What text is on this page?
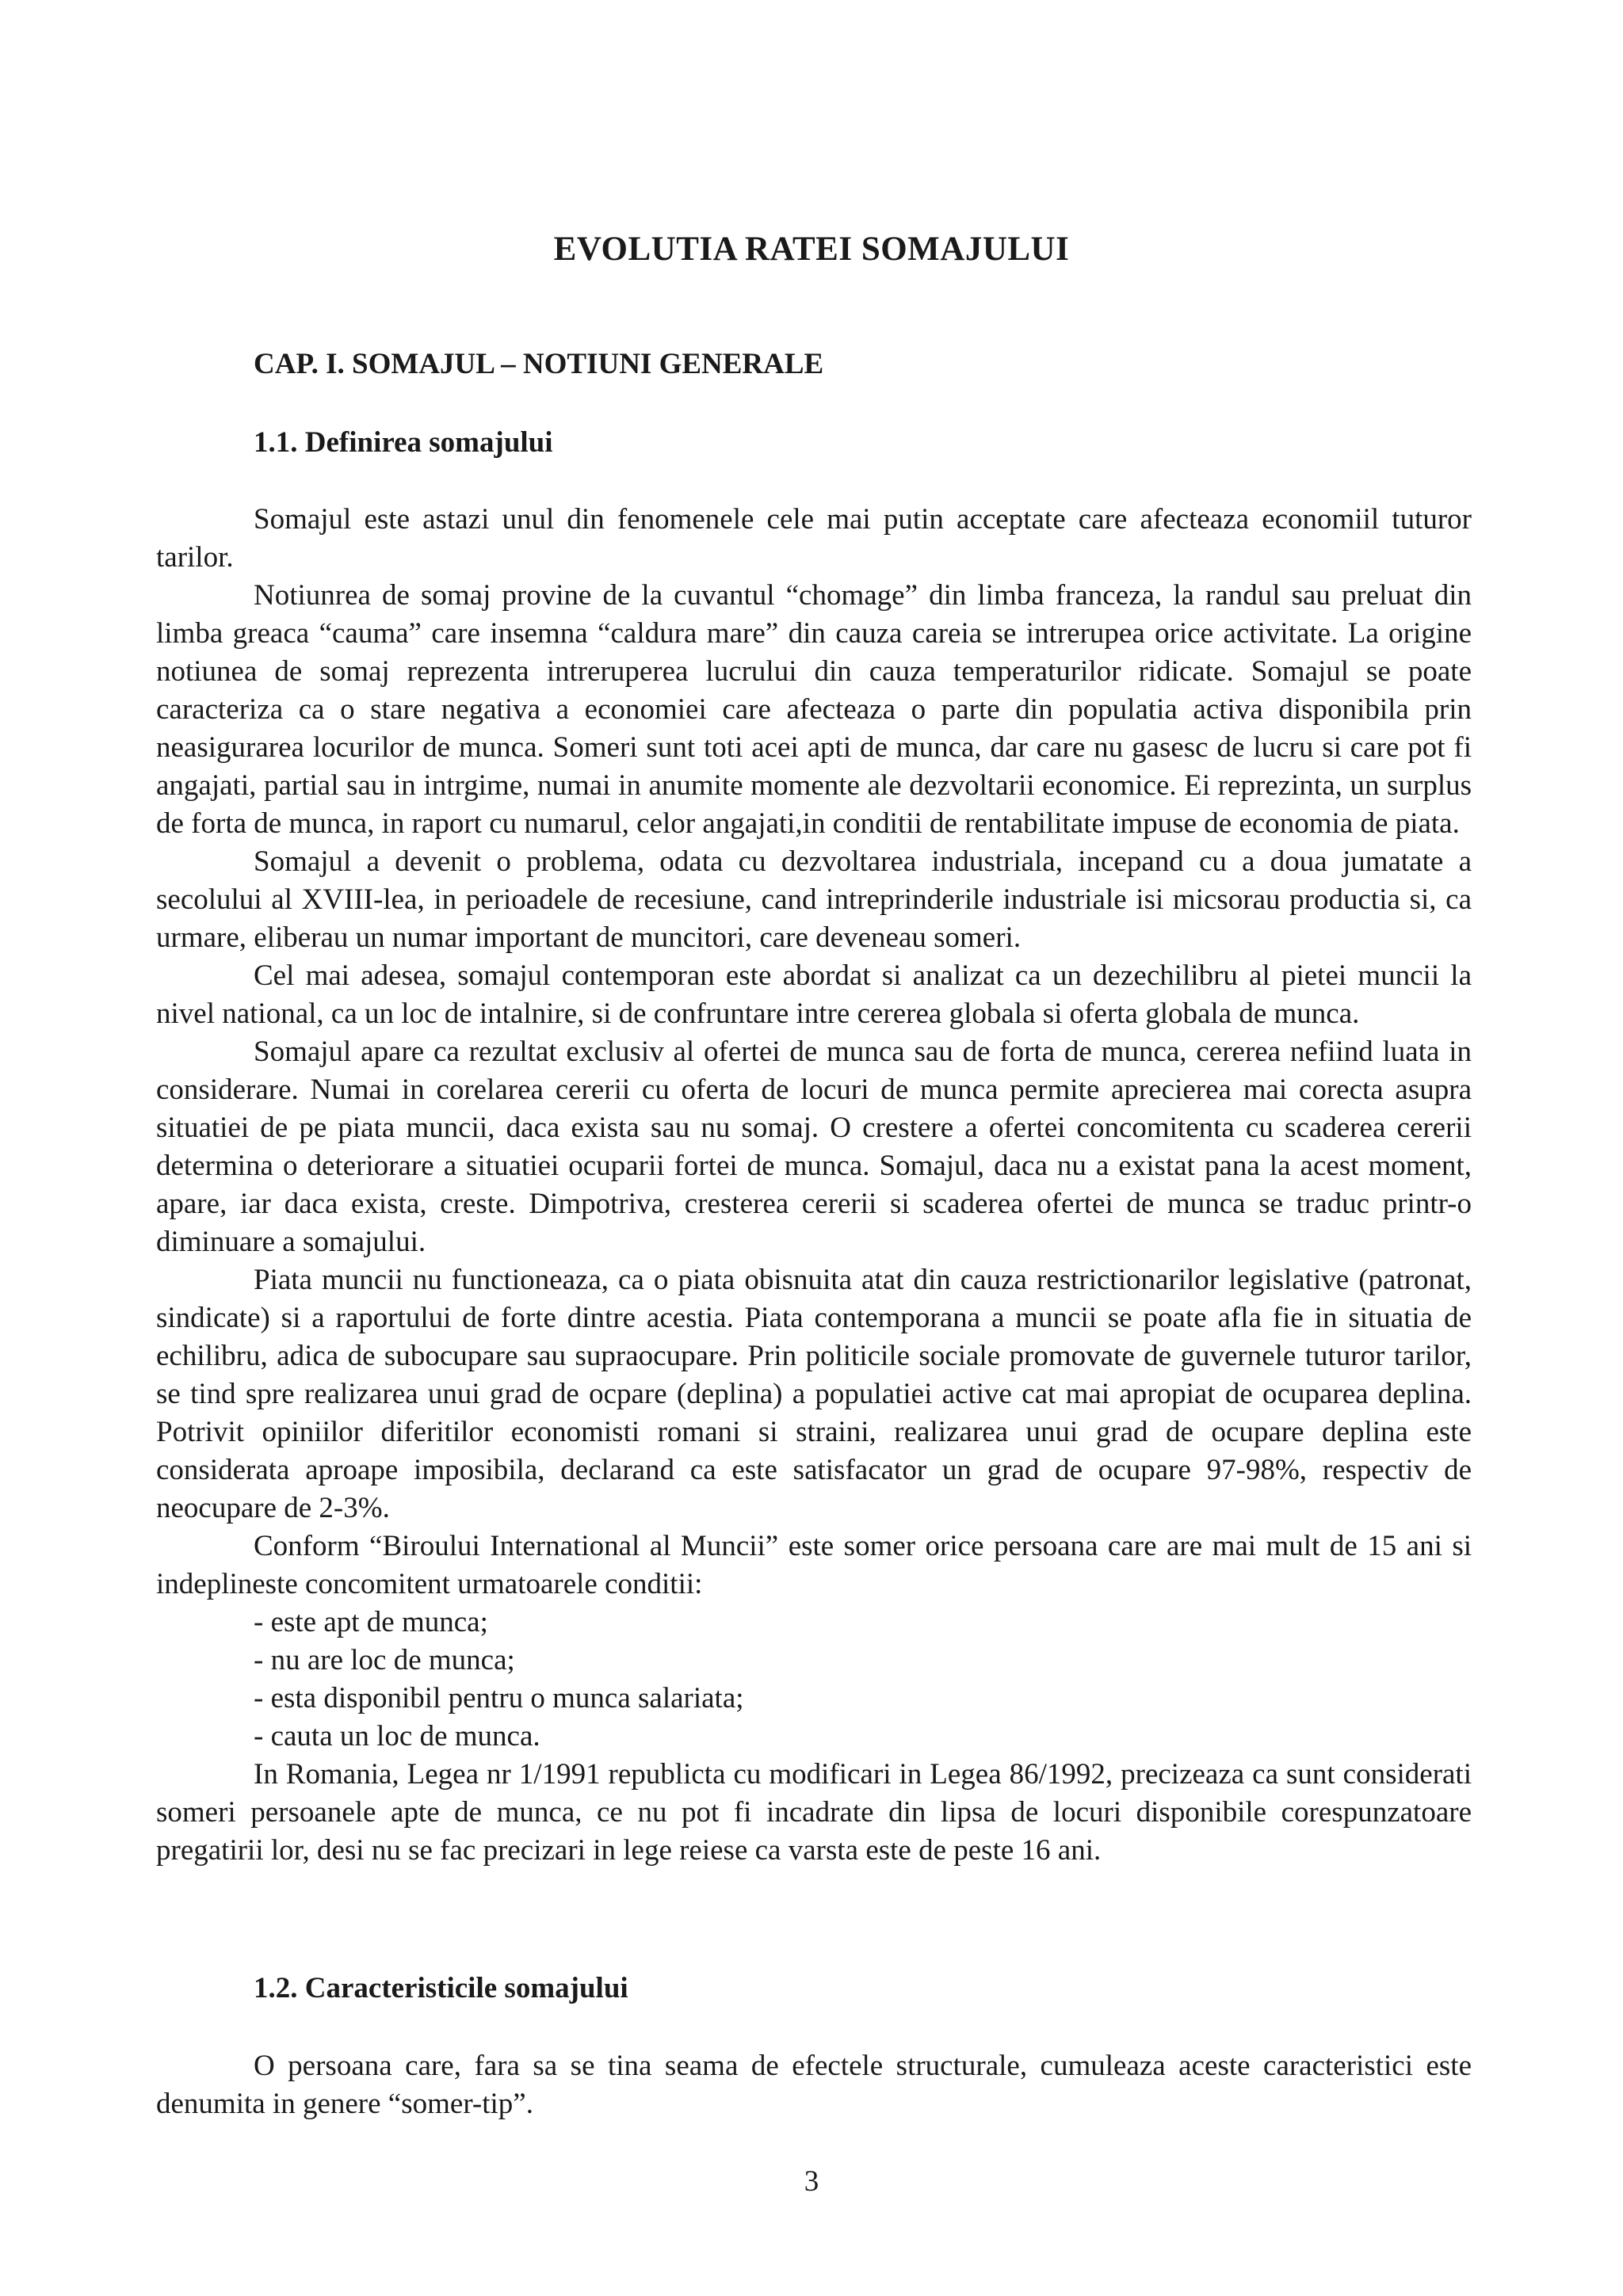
EVOLUTIA RATEI SOMAJULUI
CAP. I. SOMAJUL – NOTIUNI GENERALE
1.1. Definirea somajului

Somajul este astazi unul din fenomenele cele mai putin acceptate care afecteaza economiil tuturor tarilor.

Notiunrea de somaj provine de la cuvantul “chomage” din limba franceza, la randul sau preluat din limba greaca “cauma” care insemna “caldura mare” din cauza careia se intrerupea orice activitate. La origine notiunea de somaj reprezenta intreruperea lucrului din cauza temperaturilor ridicate. Somajul se poate caracteriza ca o stare negativa a economiei care afecteaza o parte din populatia activa disponibila prin neasigurarea locurilor de munca. Someri sunt toti acei apti de munca, dar care nu gasesc de lucru si care pot fi angajati, partial sau in intrgime, numai in anumite momente ale dezvoltarii economice. Ei reprezinta, un surplus de forta de munca, in raport cu numarul, celor angajati,in conditii de rentabilitate impuse de economia de piata.

Somajul a devenit o problema, odata cu dezvoltarea industriala, incepand cu a doua jumatate a secolului al XVIII-lea, in perioadele de recesiune, cand intreprinderile industriale isi micsorau productia si, ca urmare, eliberau un numar important de muncitori, care deveneau someri.

Cel mai adesea, somajul contemporan este abordat si analizat ca un dezechilibru al pietei muncii la nivel national, ca un loc de intalnire, si de confruntare intre cererea globala si oferta globala de munca.

Somajul apare ca rezultat exclusiv al ofertei de munca sau de forta de munca, cererea nefiind luata in considerare. Numai in corelarea cererii cu oferta de locuri de munca permite aprecierea mai corecta asupra situatiei de pe piata muncii, daca exista sau nu somaj. O crestere a ofertei concomitenta cu scaderea cererii determina o deteriorare a situatiei ocuparii fortei de munca. Somajul, daca nu a existat pana la acest moment, apare, iar daca exista, creste. Dimpotriva, cresterea cererii si scaderea ofertei de munca se traduc printr-o diminuare a somajului.

Piata muncii nu functioneaza, ca o piata obisnuita atat din cauza restrictionarilor legislative (patronat, sindicate) si a raportului de forte dintre acestia. Piata contemporana a muncii se poate afla fie in situatia de echilibru, adica de subocupare sau supraocupare. Prin politicile sociale promovate de guvernele tuturor tarilor, se tind spre realizarea unui grad de ocpare (deplina) a populatiei active cat mai apropiat de ocuparea deplina. Potrivit opiniilor diferitilor economisti romani si straini, realizarea unui grad de ocupare deplina este considerata aproape imposibila, declarand ca este satisfacator un grad de ocupare 97-98%, respectiv de neocupare de 2-3%.

Conform “Biroului International al Muncii” este somer orice persoana care are mai mult de 15 ani si indeplineste concomitent urmatoarele conditii:

- este apt de munca;

- nu are loc de munca;

- esta disponibil pentru o munca salariata;

- cauta un loc de munca.

In Romania, Legea nr 1/1991 republicta cu modificari in Legea 86/1992, precizeaza ca sunt considerati someri persoanele apte de munca, ce nu pot fi incadrate din lipsa de locuri disponibile corespunzatoare pregatirii lor, desi nu se fac precizari in lege reiese ca varsta este de peste 16 ani.

1.2. Caracteristicile somajului

O persoana care, fara sa se tina seama de efectele structurale, cumuleaza aceste caracteristici este denumita in genere “somer-tip”.

3
